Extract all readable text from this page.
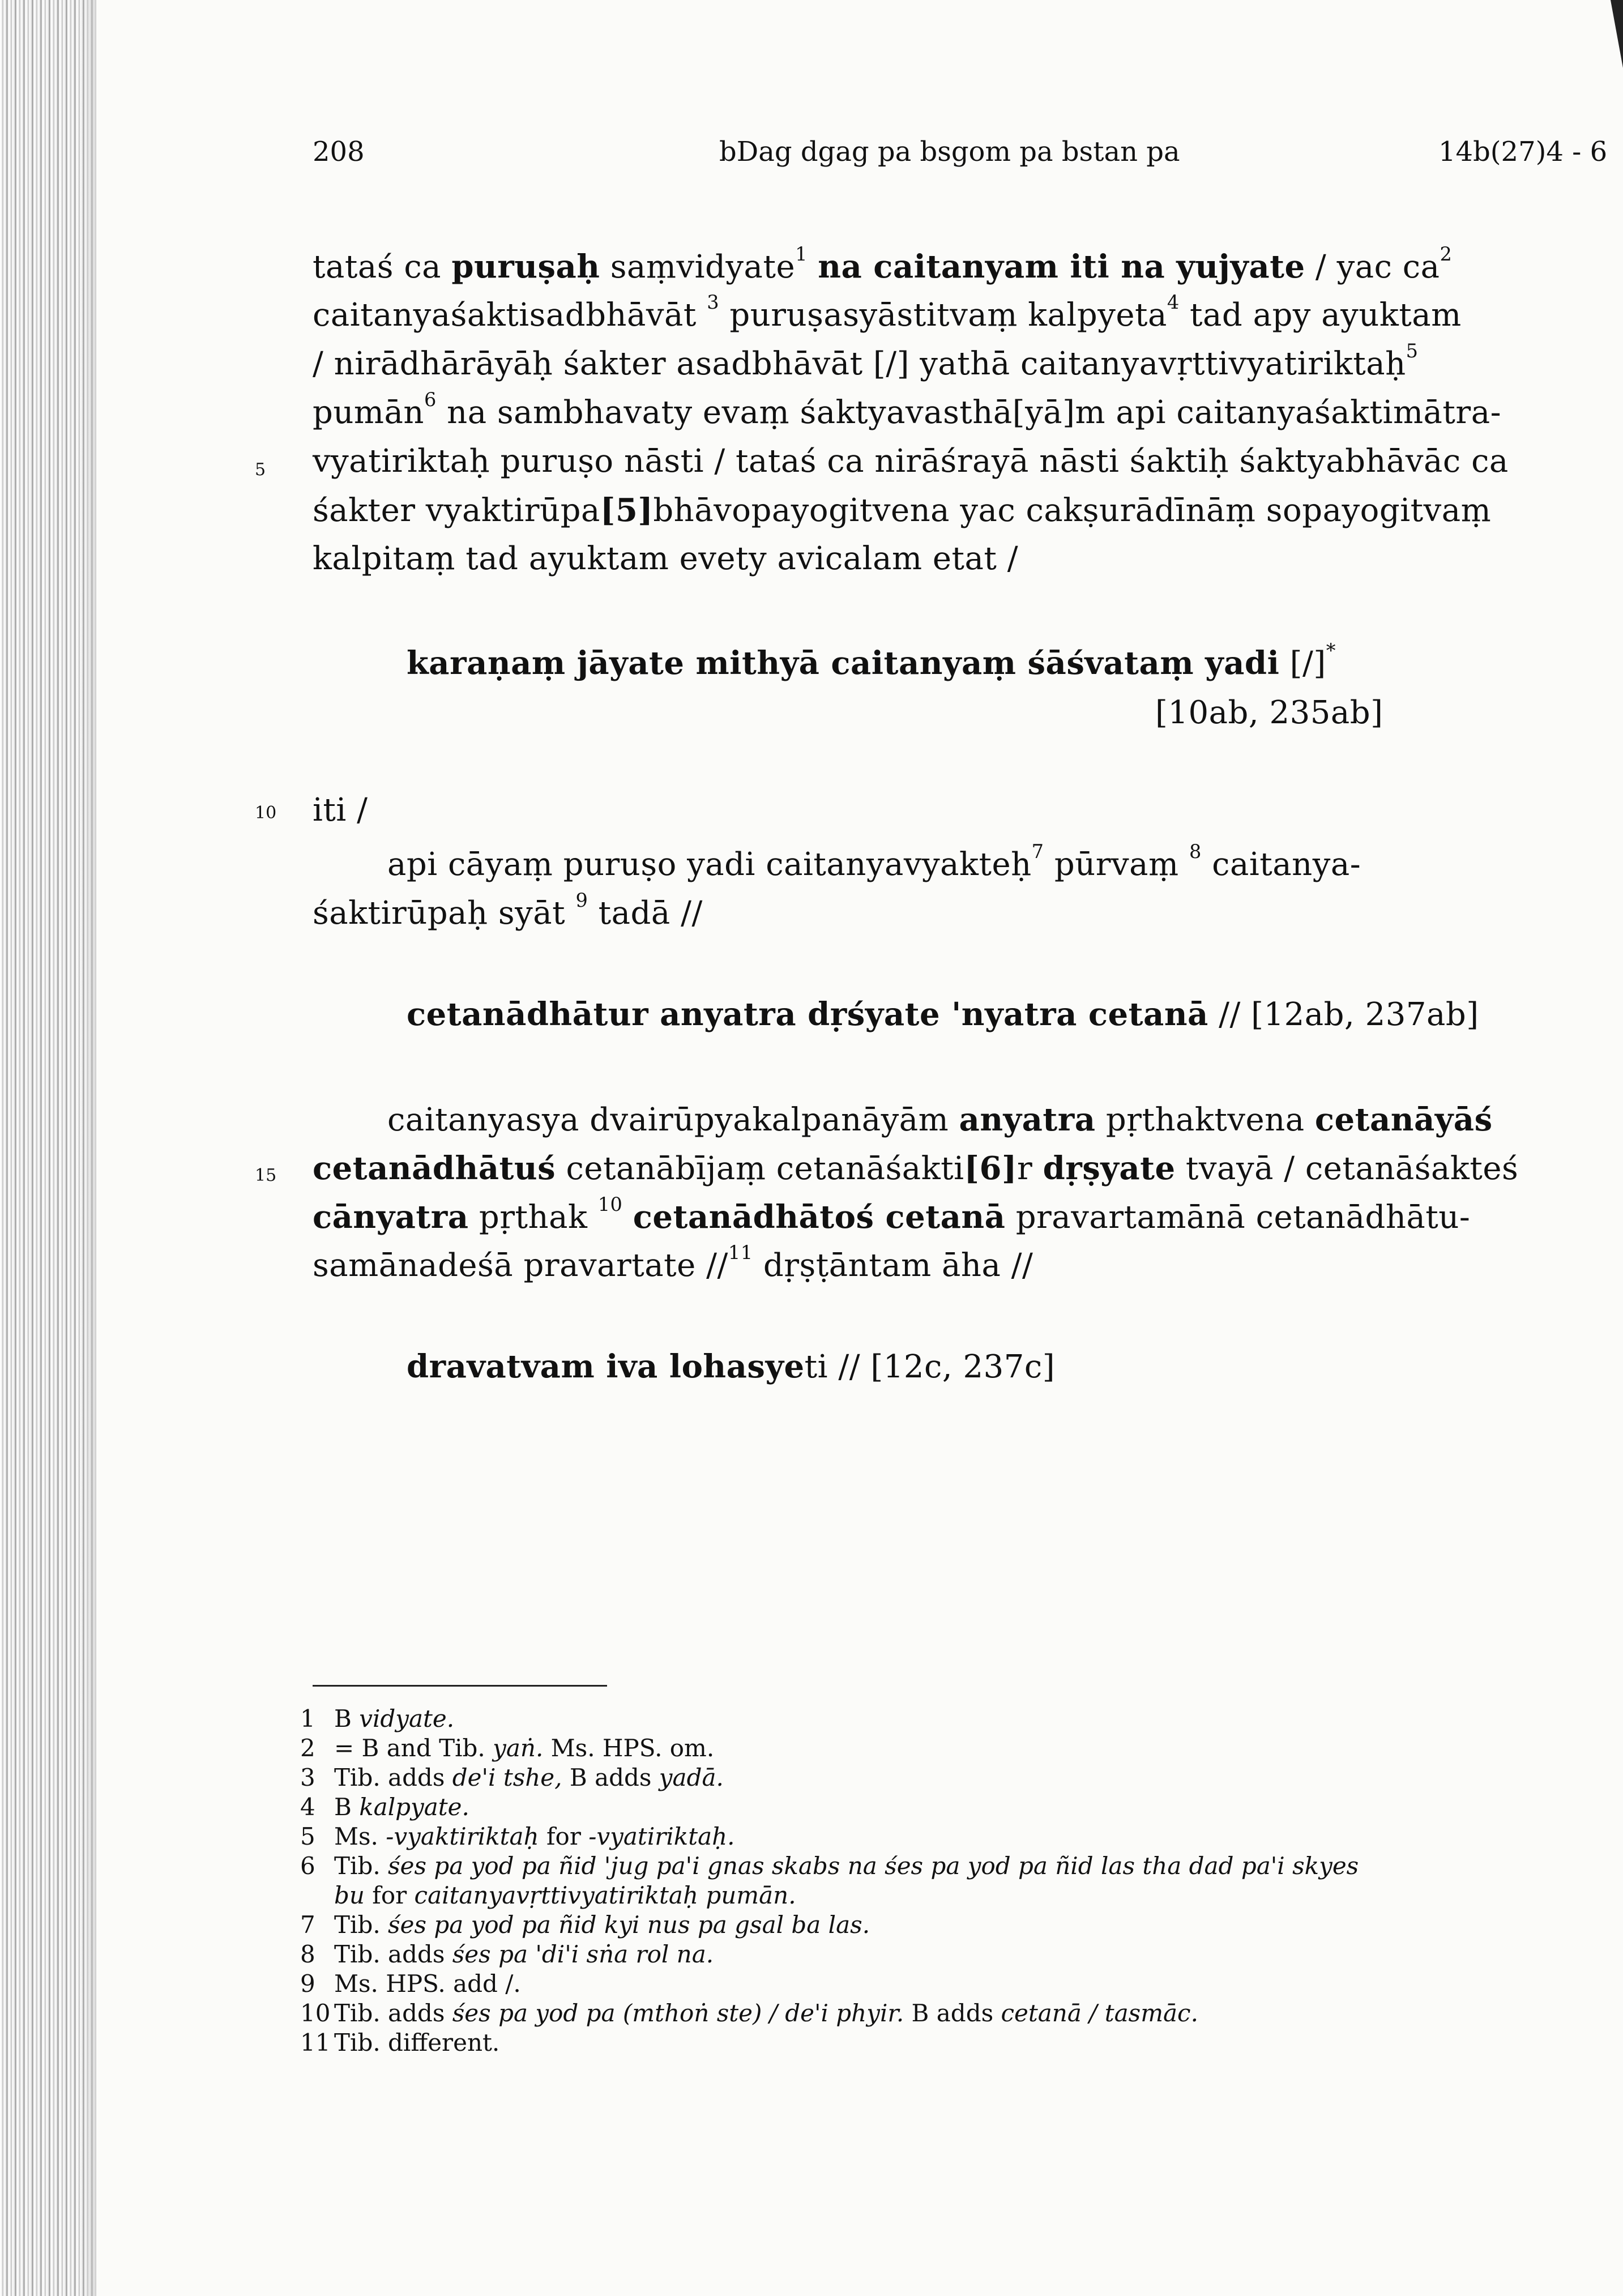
208	bDag dgag pa bsgom pa bstan pa	14b(27)4 - 6
5
10
15
tataś ca puruṣaḥ saṃvidyate$^1$ na caitanyam iti na yujyate / yac $ca^2$
caitanyaśaktisadbhāvāt $^3$ puruṣasyāstitvaṃ kalpyeta$^4$ tad apy ayuktam
/ nirādhārāyāḥ śakter asadbhāvāt [/] yathā caitanyavṛttivyatiriktaḥ$^5$
pumān$^6$ na sambhavaty evaṃ śaktyavasthā[yā]m api caitanyaśaktimātra-
vyatiriktaḥ puruṣo nāsti / tataś ca nirāśrayā nāsti śaktiḥ śaktyabhāvāc ca
śakter vyaktirūpa[5]bhāvopayogitvena yac cakṣurādīnāṃ sopayogitvaṃ
kalpitaṃ tad ayuktam evety avicalam etat /
karaṇaṃ jāyate mithyā caitanyaṃ śāśvataṃ yadi [/]*
[10ab, 235ab]
iti /
api cāyaṃ puruṣo yadi caitanyavyakteḥ$^7$ pūrvaṃ $^8$ caitanya-
śaktirūpaḥ syāt $^9$ tadā //
cetanādhātur anyatra dṛśyate 'nyatra cetanā // [12ab, 237ab]
caitanyasya dvairūpyakalpanāyām anyatra pṛthaktvena cetanāyāś
cetanādhātuś cetanābījaṃ cetanāśakti[6]r dṛṣyate tvayā / cetanāśakteś
cānyatra pṛthak $^{10}$ cetanādhātoś cetanā pravartamānā cetanādhātu-
samānadeśā pravartate //$^{11}$ dṛṣṭāntam āha //
dravatvam iva lohasyeti // [12c, 237c]
1 B vidyate.
2 = B and Tib. yaṅ. Ms. HPS. om.
3 Tib. adds de'i tshe, B adds yadā.
4 B kalpyate.
5 Ms. -vyaktiriktaḥ for -vyatiriktaḥ.
6 Tib. śes pa yod pa ñid 'jug pa'i gnas skabs na śes pa yod pa ñid las tha dad pa'i skyes
bu for caitanyavṛttivyatiriktaḥ pumān.
7 Tib. śes pa yod pa ñid kyi nus pa gsal ba las.
8 Tib. adds śes pa 'di'i sṅa rol na.
9 Ms. HPS. add /.
10 Tib. adds śes pa yod pa (mthoṅ ste) / de'i phyir. B adds cetanā / tasmāc.
11 Tib. different.
